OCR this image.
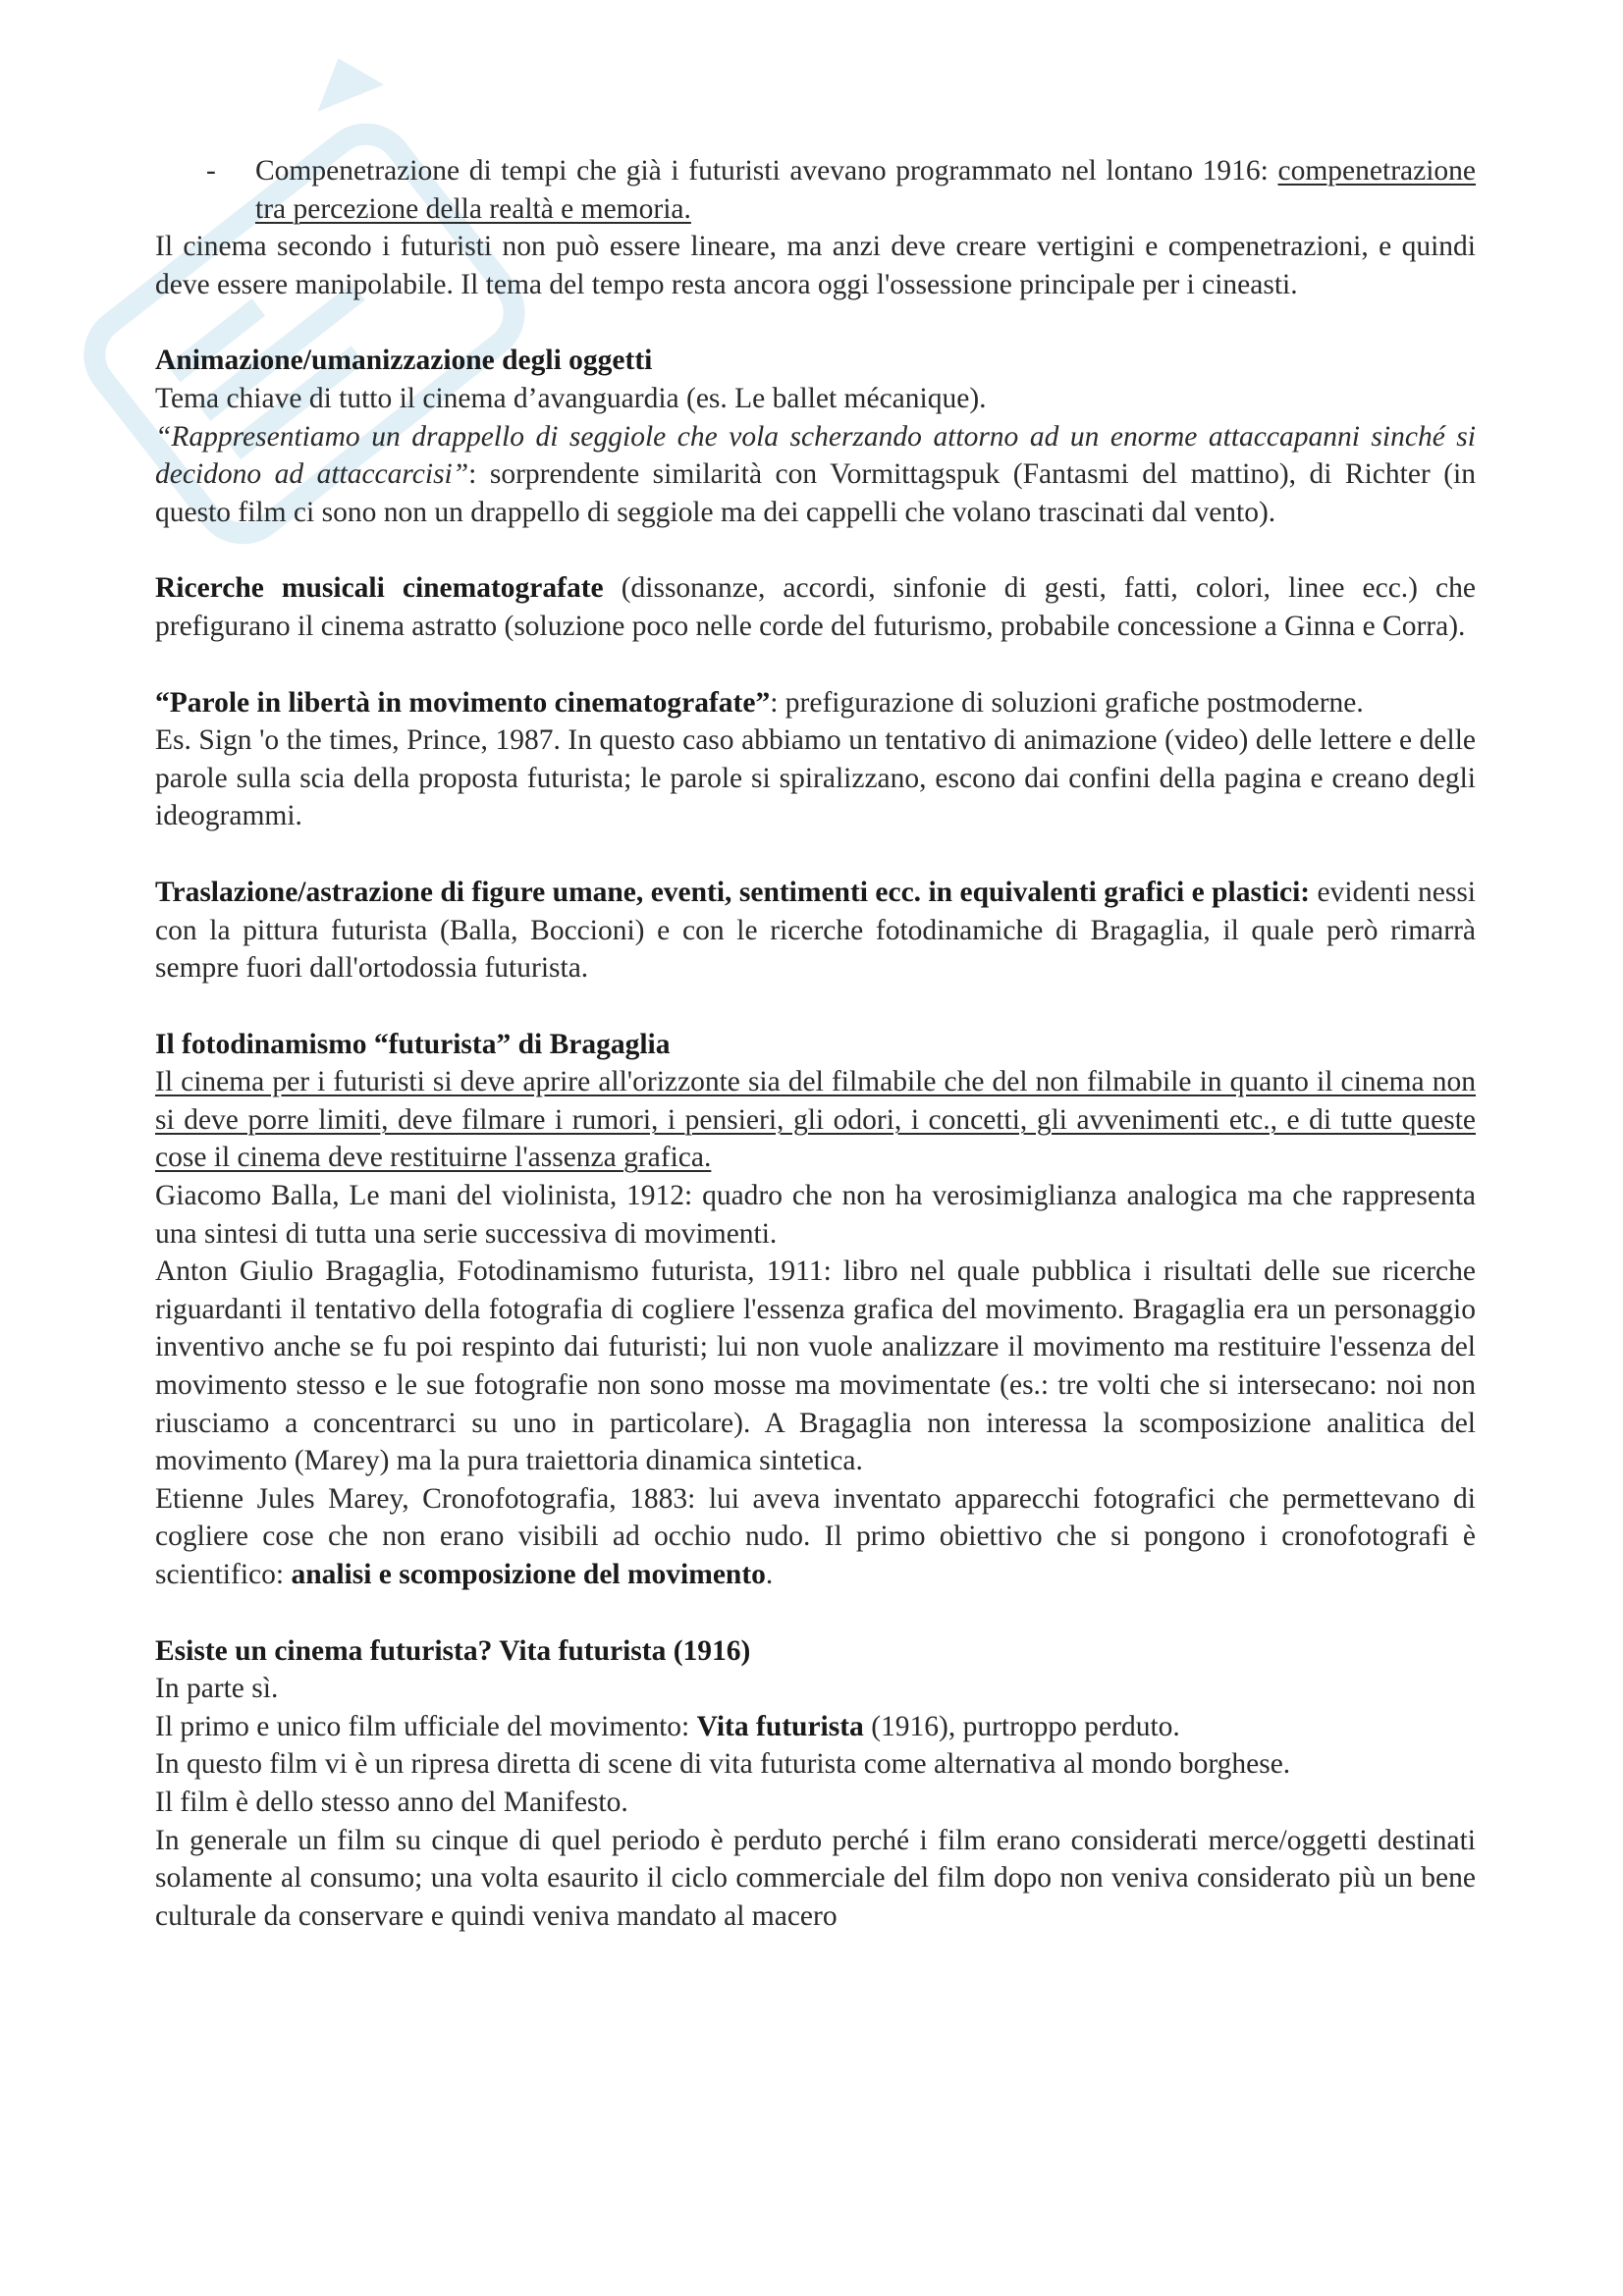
- Compenetrazione di tempi che già i futuristi avevano programmato nel lontano 1916: compenetrazione tra percezione della realtà e memoria.

Il cinema secondo i futuristi non può essere lineare, ma anzi deve creare vertigini e compenetrazioni, e quindi deve essere manipolabile. Il tema del tempo resta ancora oggi l'ossessione principale per i cineasti.

Animazione/umanizzazione degli oggetti

Tema chiave di tutto il cinema d’avanguardia (es. Le ballet mécanique).

“Rappresentiamo un drappello di seggiole che vola scherzando attorno ad un enorme attaccapanni sinché si decidono ad attaccarcisi”: sorprendente similarità con Vormittagspuk (Fantasmi del mattino), di Richter (in questo film ci sono non un drappello di seggiole ma dei cappelli che volano trascinati dal vento).

Ricerche musicali cinematografate (dissonanze, accordi, sinfonie di gesti, fatti, colori, linee ecc.) che prefigurano il cinema astratto (soluzione poco nelle corde del futurismo, probabile concessione a Ginna e Corra).

“Parole in libertà in movimento cinematografate”: prefigurazione di soluzioni grafiche postmoderne.

Es. Sign 'o the times, Prince, 1987. In questo caso abbiamo un tentativo di animazione (video) delle lettere e delle parole sulla scia della proposta futurista; le parole si spiralizzano, escono dai confini della pagina e creano degli ideogrammi.

Traslazione/astrazione di figure umane, eventi, sentimenti ecc. in equivalenti grafici e plastici: evidenti nessi con la pittura futurista (Balla, Boccioni) e con le ricerche fotodinamiche di Bragaglia, il quale però rimarrà sempre fuori dall'ortodossia futurista.

Il fotodinamismo “futurista” di Bragaglia

Il cinema per i futuristi si deve aprire all'orizzonte sia del filmabile che del non filmabile in quanto il cinema non si deve porre limiti, deve filmare i rumori, i pensieri, gli odori, i concetti, gli avvenimenti etc., e di tutte queste cose il cinema deve restituirne l'assenza grafica.

Giacomo Balla, Le mani del violinista, 1912: quadro che non ha verosimiglianza analogica ma che rappresenta una sintesi di tutta una serie successiva di movimenti.

Anton Giulio Bragaglia, Fotodinamismo futurista, 1911: libro nel quale pubblica i risultati delle sue ricerche riguardanti il tentativo della fotografia di cogliere l'essenza grafica del movimento. Bragaglia era un personaggio inventivo anche se fu poi respinto dai futuristi; lui non vuole analizzare il movimento ma restituire l'essenza del movimento stesso e le sue fotografie non sono mosse ma movimentate (es.: tre volti che si intersecano: noi non riusciamo a concentrarci su uno in particolare). A Bragaglia non interessa la scomposizione analitica del movimento (Marey) ma la pura traiettoria dinamica sintetica.

Etienne Jules Marey, Cronofotografia, 1883: lui aveva inventato apparecchi fotografici che permettevano di cogliere cose che non erano visibili ad occhio nudo. Il primo obiettivo che si pongono i cronofotografi è scientifico: analisi e scomposizione del movimento.

Esiste un cinema futurista? Vita futurista (1916)

In parte sì.

Il primo e unico film ufficiale del movimento: Vita futurista (1916), purtroppo perduto.

In questo film vi è un ripresa diretta di scene di vita futurista come alternativa al mondo borghese.

Il film è dello stesso anno del Manifesto.

In generale un film su cinque di quel periodo è perduto perché i film erano considerati merce/oggetti destinati solamente al consumo; una volta esaurito il ciclo commerciale del film dopo non veniva considerato più un bene culturale da conservare e quindi veniva mandato al macero
